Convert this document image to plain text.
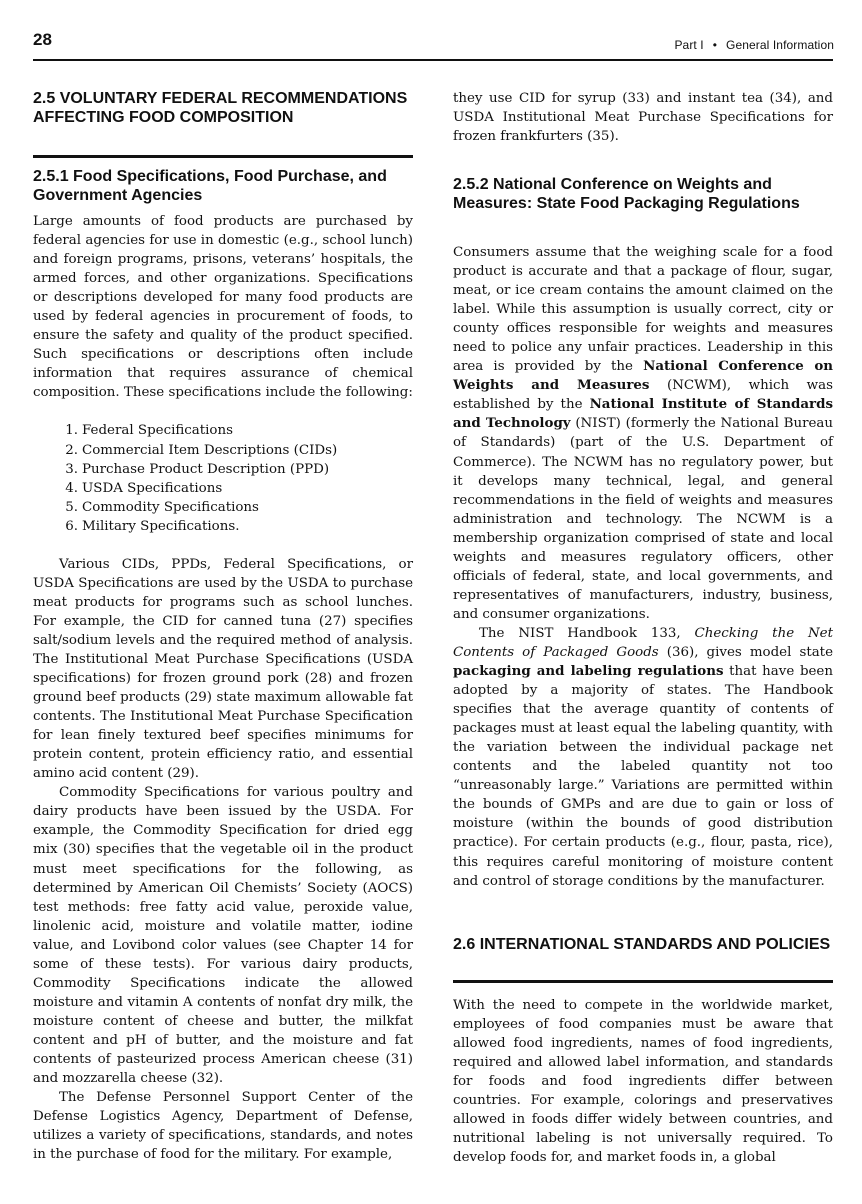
28	Part I • General Information
2.5 VOLUNTARY FEDERAL RECOMMENDATIONS AFFECTING FOOD COMPOSITION
2.5.1 Food Specifications, Food Purchase, and Government Agencies

Large amounts of food products are purchased by federal agencies for use in domestic (e.g., school lunch) and foreign programs, prisons, veterans’ hospitals, the armed forces, and other organizations. Specifications or descriptions developed for many food products are used by federal agencies in procurement of foods, to ensure the safety and quality of the product specified. Such specifications or descriptions often include information that requires assurance of chemical composition. These specifications include the following:

1. Federal Specifications
2. Commercial Item Descriptions (CIDs)
3. Purchase Product Description (PPD)
4. USDA Specifications
5. Commodity Specifications
6. Military Specifications.

Various CIDs, PPDs, Federal Specifications, or USDA Specifications are used by the USDA to purchase meat products for programs such as school lunches. For example, the CID for canned tuna (27) specifies salt/sodium levels and the required method of analysis. The Institutional Meat Purchase Specifications (USDA specifications) for frozen ground pork (28) and frozen ground beef products (29) state maximum allowable fat contents. The Institutional Meat Purchase Specification for lean finely textured beef specifies minimums for protein content, protein efficiency ratio, and essential amino acid content (29).

Commodity Specifications for various poultry and dairy products have been issued by the USDA. For example, the Commodity Specification for dried egg mix (30) specifies that the vegetable oil in the product must meet specifications for the following, as determined by American Oil Chemists’ Society (AOCS) test methods: free fatty acid value, peroxide value, linolenic acid, moisture and volatile matter, iodine value, and Lovibond color values (see Chapter 14 for some of these tests). For various dairy products, Commodity Specifications indicate the allowed moisture and vitamin A contents of nonfat dry milk, the moisture content of cheese and butter, the milkfat content and pH of butter, and the moisture and fat contents of pasteurized process American cheese (31) and mozzarella cheese (32).

The Defense Personnel Support Center of the Defense Logistics Agency, Department of Defense, utilizes a variety of specifications, standards, and notes in the purchase of food for the military. For example,

they use CID for syrup (33) and instant tea (34), and USDA Institutional Meat Purchase Specifications for frozen frankfurters (35).

2.5.2 National Conference on Weights and Measures: State Food Packaging Regulations

Consumers assume that the weighing scale for a food product is accurate and that a package of flour, sugar, meat, or ice cream contains the amount claimed on the label. While this assumption is usually correct, city or county offices responsible for weights and measures need to police any unfair practices. Leadership in this area is provided by the National Conference on Weights and Measures (NCWM), which was established by the National Institute of Standards and Technology (NIST) (formerly the National Bureau of Standards) (part of the U.S. Department of Commerce). The NCWM has no regulatory power, but it develops many technical, legal, and general recommendations in the field of weights and measures administration and technology. The NCWM is a membership organization comprised of state and local weights and measures regulatory officers, other officials of federal, state, and local governments, and representatives of manufacturers, industry, business, and consumer organizations.

The NIST Handbook 133, Checking the Net Contents of Packaged Goods (36), gives model state packaging and labeling regulations that have been adopted by a majority of states. The Handbook specifies that the average quantity of contents of packages must at least equal the labeling quantity, with the variation between the individual package net contents and the labeled quantity not too “unreasonably large.” Variations are permitted within the bounds of GMPs and are due to gain or loss of moisture (within the bounds of good distribution practice). For certain products (e.g., flour, pasta, rice), this requires careful monitoring of moisture content and control of storage conditions by the manufacturer.

2.6 INTERNATIONAL STANDARDS AND POLICIES

With the need to compete in the worldwide market, employees of food companies must be aware that allowed food ingredients, names of food ingredients, required and allowed label information, and standards for foods and food ingredients differ between countries. For example, colorings and preservatives allowed in foods differ widely between countries, and nutritional labeling is not universally required. To develop foods for, and market foods in, a global
